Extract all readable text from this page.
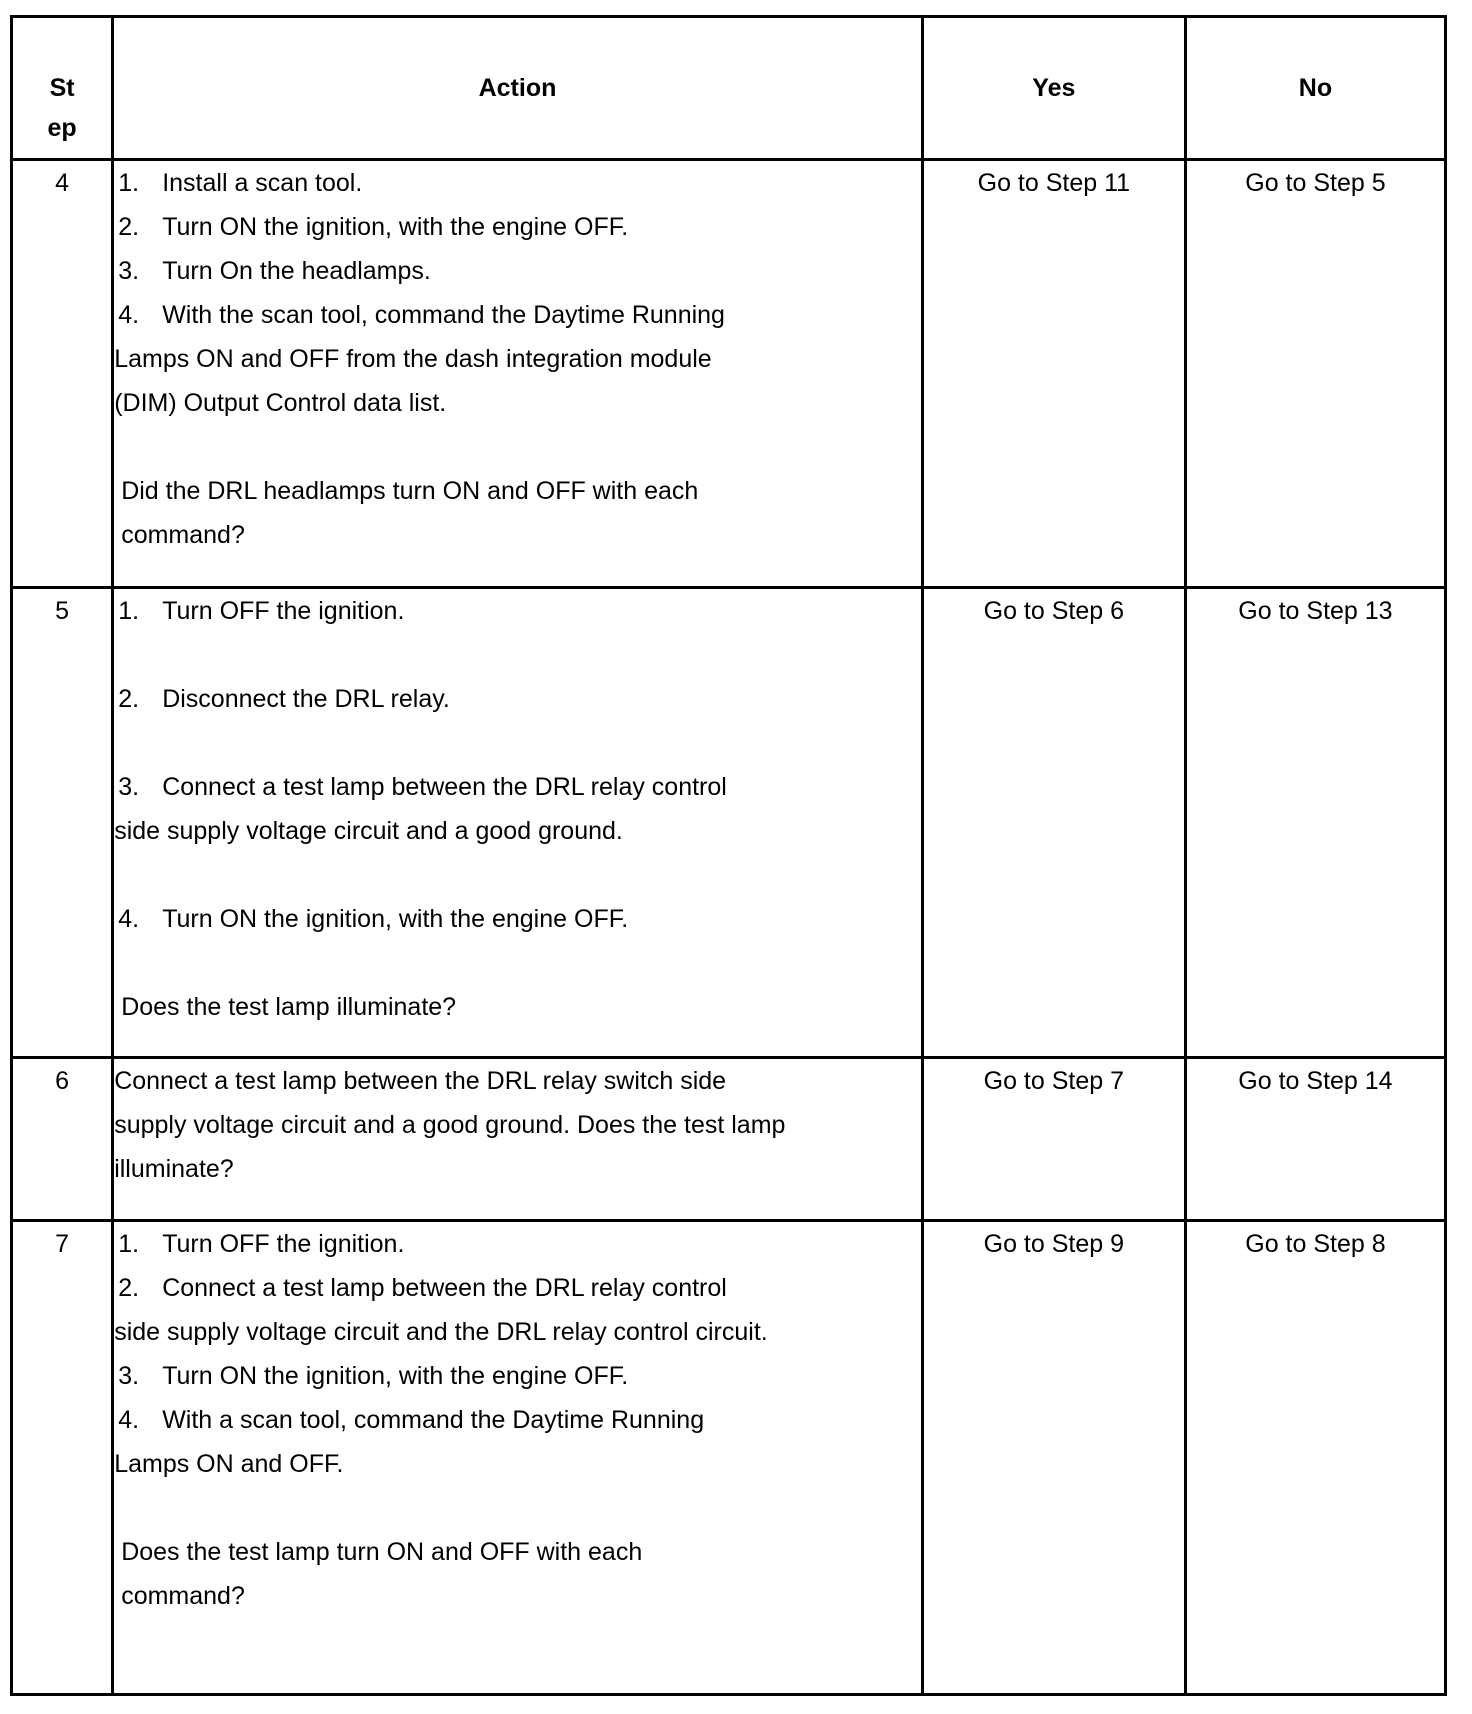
St ep	Action	Yes	No

4	1. Install a scan tool.
2. Turn ON the ignition, with the engine OFF.
3. Turn On the headlamps.
4. With the scan tool, command the Daytime Running Lamps ON and OFF from the dash integration module (DIM) Output Control data list.
Did the DRL headlamps turn ON and OFF with each command?	Go to Step 11	Go to Step 5
5	1. Turn OFF the ignition.
2. Disconnect the DRL relay.
3. Connect a test lamp between the DRL relay control side supply voltage circuit and a good ground.
4. Turn ON the ignition, with the engine OFF.
Does the test lamp illuminate?	Go to Step 6	Go to Step 13
6	Connect a test lamp between the DRL relay switch side supply voltage circuit and a good ground. Does the test lamp illuminate?	Go to Step 7	Go to Step 14
7	1. Turn OFF the ignition.
2. Connect a test lamp between the DRL relay control side supply voltage circuit and the DRL relay control circuit.
3. Turn ON the ignition, with the engine OFF.
4. With a scan tool, command the Daytime Running Lamps ON and OFF.
Does the test lamp turn ON and OFF with each command?	Go to Step 9	Go to Step 8
